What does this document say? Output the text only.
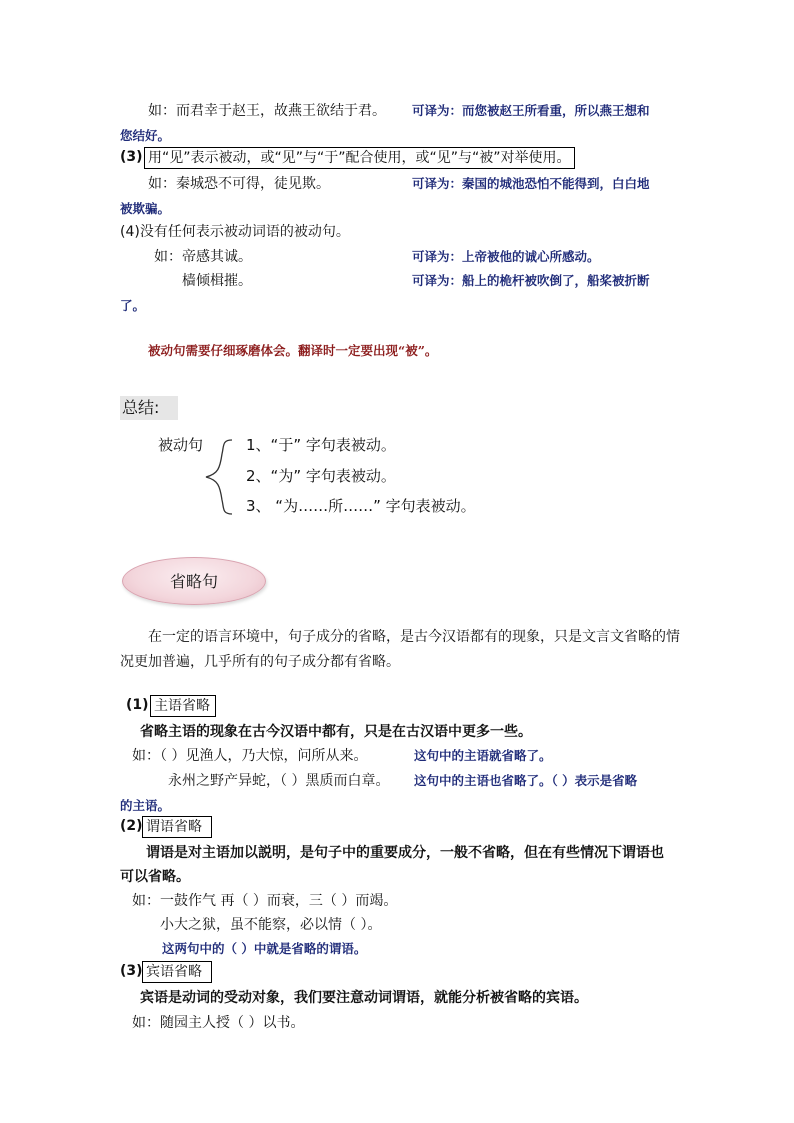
如：而君幸于赵王，故燕王欲结于君。 可译为：而您被赵王所看重，所以燕王想和
您结好。
(3) 用“见”表示被动，或“见”与“于”配合使用，或“见”与“被”对举使用。
如：秦城恐不可得，徒见欺。	可译为：秦国的城池恐怕不能得到，白白地
被欺骗。
(4)没有任何表示被动词语的被动句。
如：帝感其诚。	可译为：上帝被他的诚心所感动。
樯倾楫摧。	可译为：船上的桅杆被吹倒了，船桨被折断
了。
被动句需要仔细琢磨体会。翻译时一定要出现“被”。
总结:
被动句	1、“于” 字句表被动。
2、“为” 字句表被动。
3、 “为……所……” 字句表被动。
省略句
在一定的语言环境中，句子成分的省略，是古今汉语都有的现象，只是文言文省略的情
况更加普遍，几乎所有的句子成分都有省略。
(1) 主语省略
省略主语的现象在古今汉语中都有，只是在古汉语中更多一些。
如：（ ）见渔人，乃大惊，问所从来。	这句中的主语就省略了。
永州之野产异蛇，（ ）黑质而白章。 这句中的主语也省略了。（ ）表示是省略
的主语。
(2) 谓语省略
谓语是对主语加以説明，是句子中的重要成分，一般不省略，但在有些情况下谓语也
可以省略。
如：一鼓作气 再（ ）而衰，三（ ）而竭。
小大之狱，虽不能察，必以情（ ）。
这两句中的（ ）中就是省略的谓语。
(3) 宾语省略
宾语是动词的受动对象，我们要注意动词谓语，就能分析被省略的宾语。
如：随园主人授（ ）以书。
